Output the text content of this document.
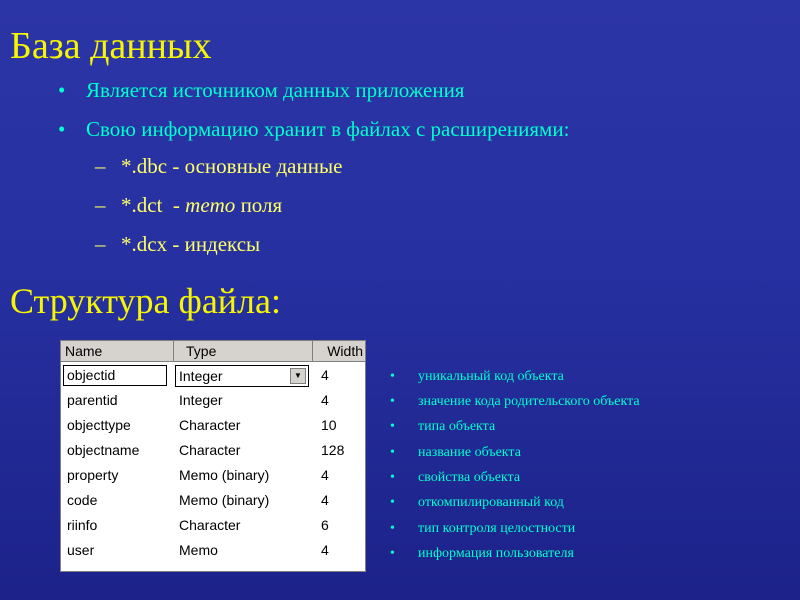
База данных
• Является источником данных приложения
• Свою информацию хранит в файлах с расширениями:
– *.dbc - основные данные
– *.dct  - memo поля
– *.dcx - индексы
Структура файла:
Name	Type	Width
objectid	Integer	▼ 4
parentid	Integer	4
objecttype	Character	10
objectname	Character	128
property	Memo (binary)	4
code	Memo (binary)	4
riinfo	Character	6
user	Memo	4
• уникальный код объекта
• значение кода родительского объекта
• типа объекта
• название объекта
• свойства объекта
• откомпилированный код
• тип контроля целостности
• информация пользователя
